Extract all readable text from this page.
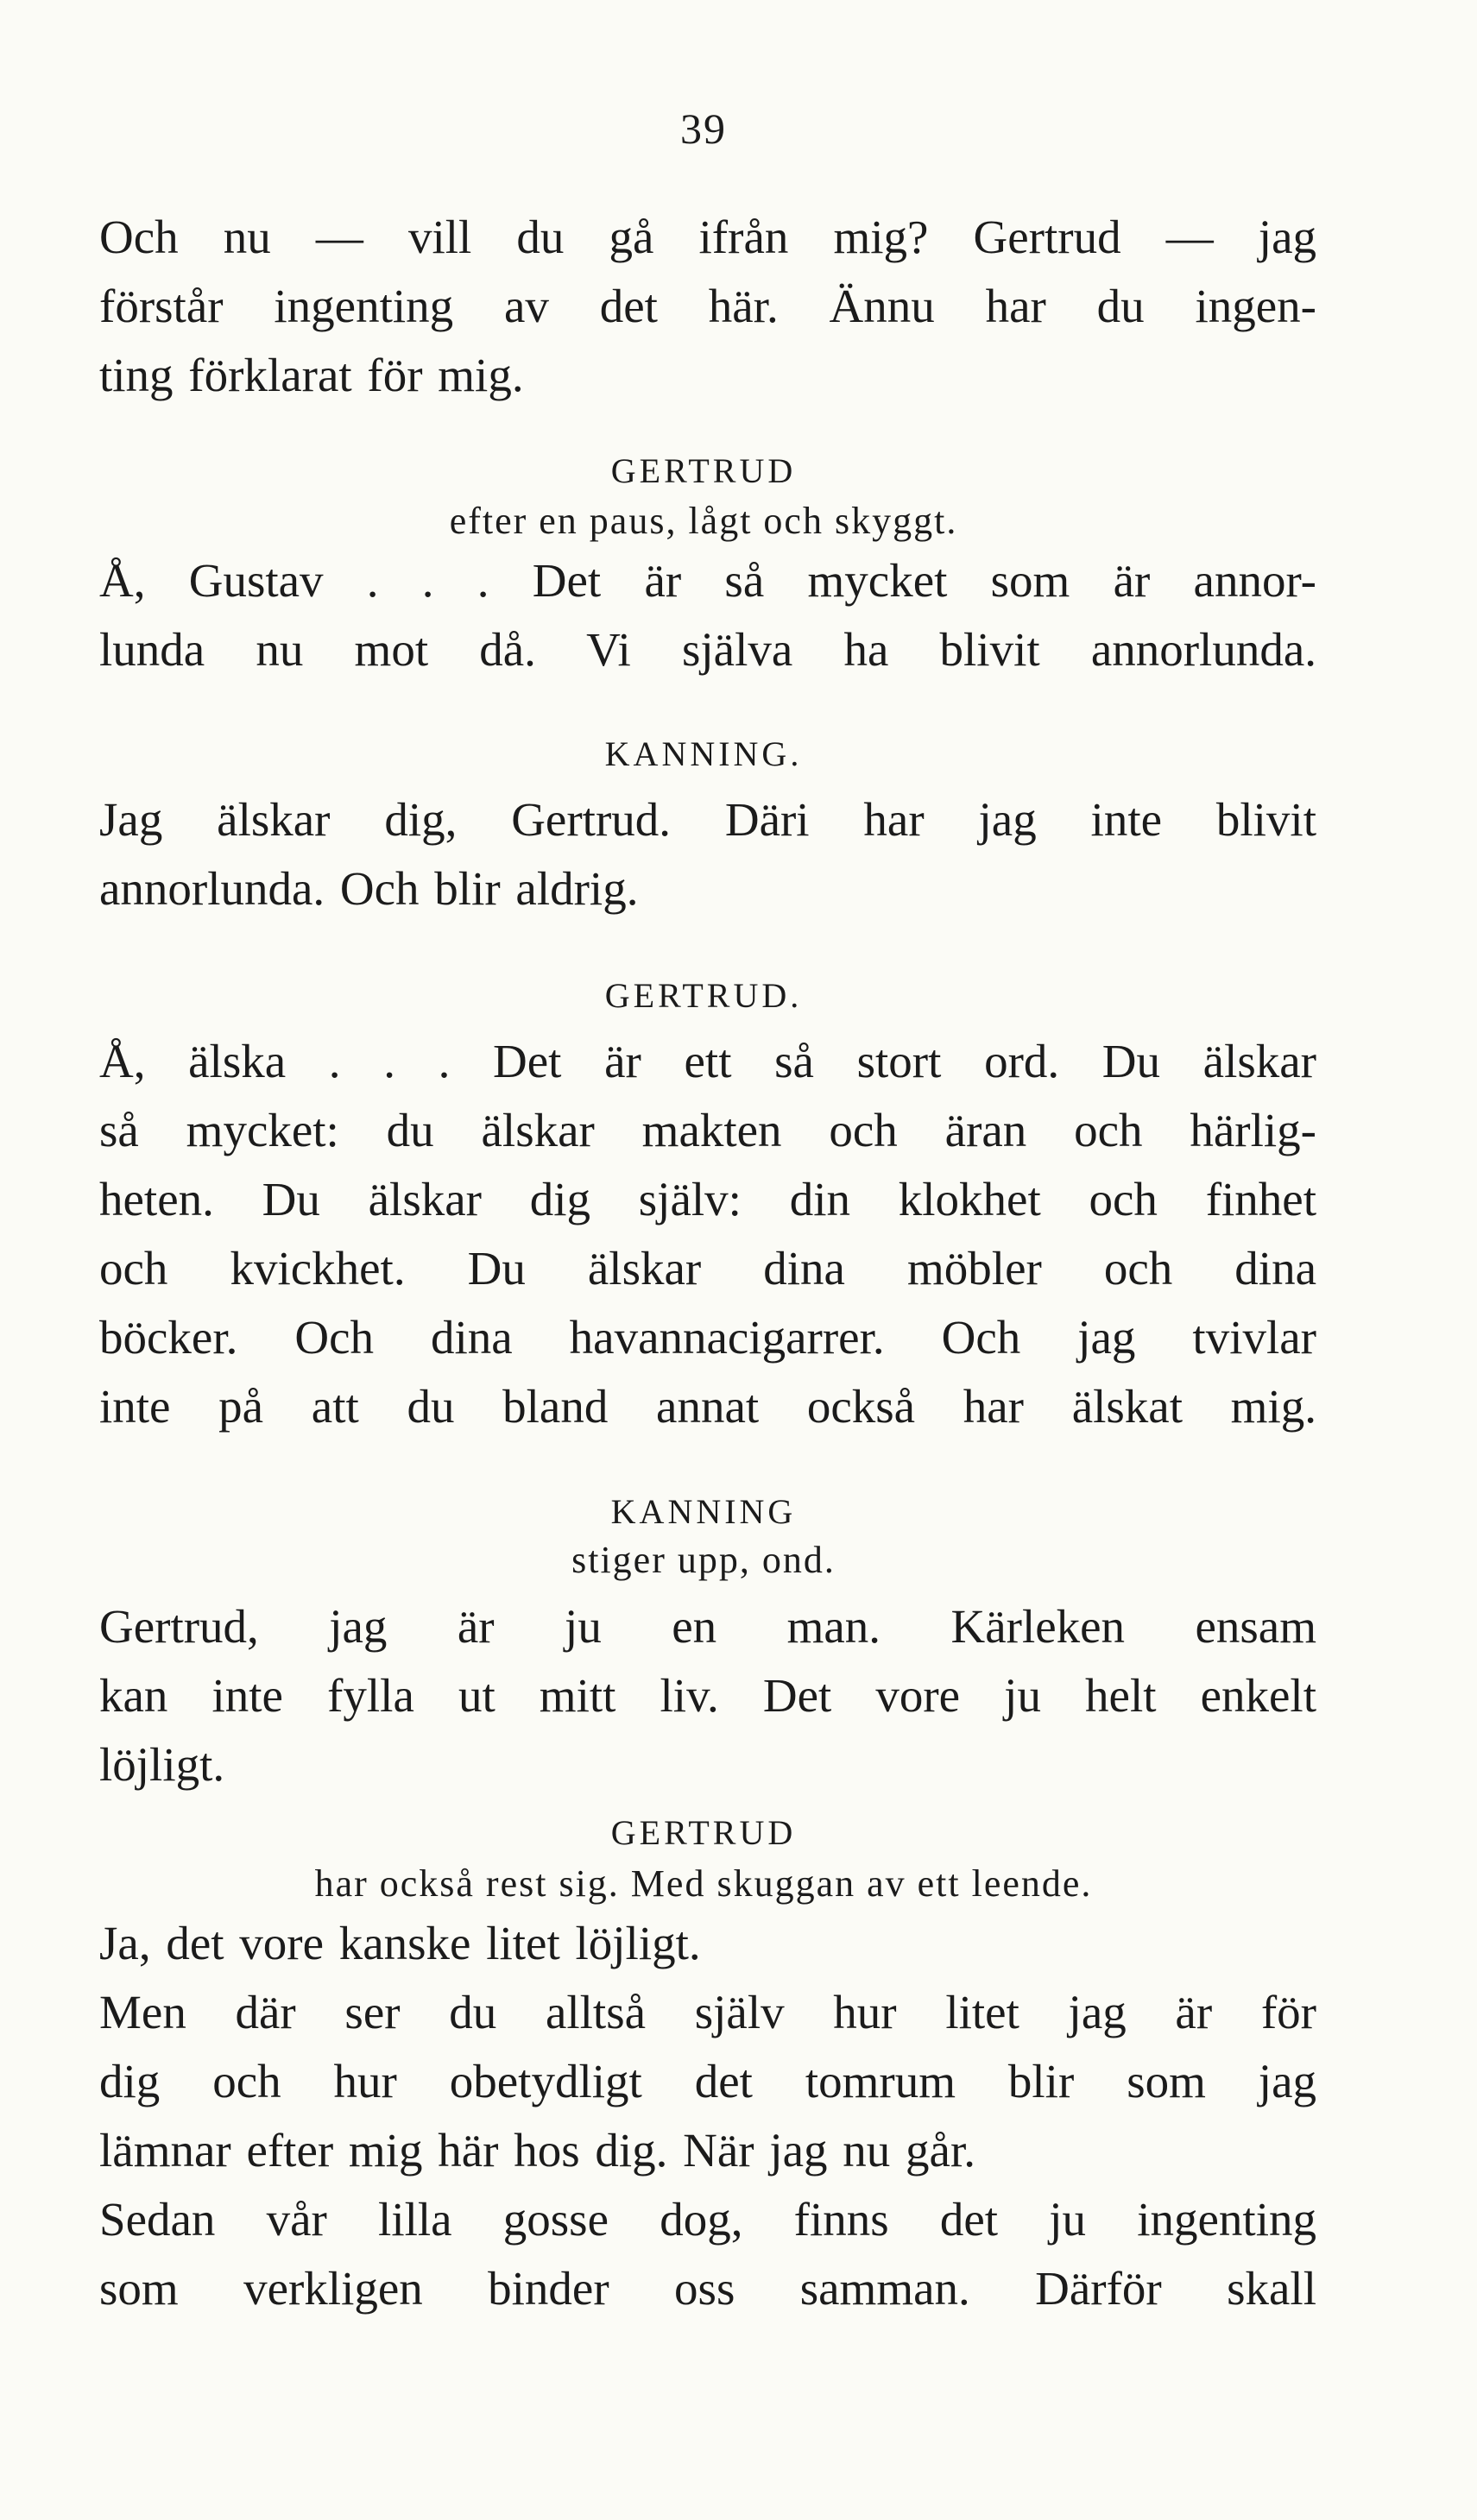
39

Och nu — vill du gå ifrån mig? Gertrud — jag
förstår ingenting av det här. Ännu har du ingen-
ting förklarat för mig.

GERTRUD
efter en paus, lågt och skyggt.

Å, Gustav . . . Det är så mycket som är annor-
lunda nu mot då. Vi själva ha blivit annorlunda.

KANNING.

Jag älskar dig, Gertrud. Däri har jag inte blivit
annorlunda. Och blir aldrig.

GERTRUD.

Å, älska . . . Det är ett så stort ord. Du älskar
så mycket: du älskar makten och äran och härlig-
heten. Du älskar dig själv: din klokhet och finhet
och kvickhet. Du älskar dina möbler och dina
böcker. Och dina havannacigarrer. Och jag tvivlar
inte på att du bland annat också har älskat mig.

KANNING
stiger upp, ond.

Gertrud, jag är ju en man. Kärleken ensam
kan inte fylla ut mitt liv. Det vore ju helt enkelt
löjligt.

GERTRUD
har också rest sig. Med skuggan av ett leende.

Ja, det vore kanske litet löjligt.

Men där ser du alltså själv hur litet jag är för
dig och hur obetydligt det tomrum blir som jag
lämnar efter mig här hos dig. När jag nu går.

Sedan vår lilla gosse dog, finns det ju ingenting
som verkligen binder oss samman. Därför skall
